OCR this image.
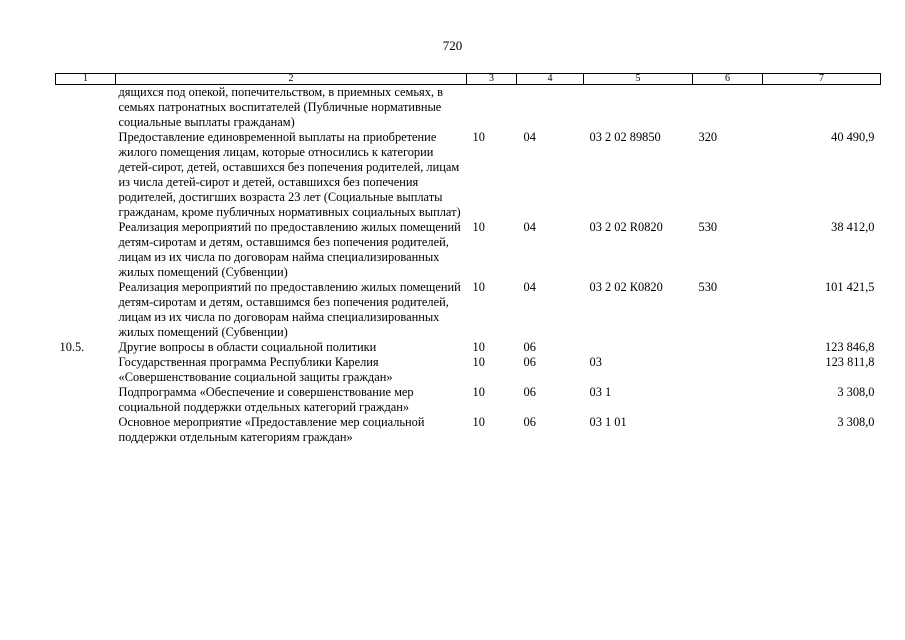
720
1	2	3	4	5	6	7
	дящихся под опекой, попечительством, в приемных семьях, в семьях патронатных воспитателей (Публичные нормативные социальные выплаты гражданам)					
	Предоставление единовременной выплаты на приобретение жилого помещения лицам, которые относились к категории детей-сирот, детей, оставшихся без попечения родителей, лицам из числа детей-сирот и детей, оставшихся без попечения родителей, достигших возраста 23 лет (Социальные выплаты гражданам, кроме публичных нормативных социальных выплат)	10	04	03 2 02 89850	320	40 490,9
	Реализация мероприятий по предоставлению жилых помещений детям-сиротам и детям, оставшимся без попечения родителей, лицам из их числа по договорам найма специализированных жилых помещений (Субвенции)	10	04	03 2 02 R0820	530	38 412,0
	Реализация мероприятий по предоставлению жилых помещений детям-сиротам и детям, оставшимся без попечения родителей, лицам из их числа по договорам найма специализированных жилых помещений (Субвенции)	10	04	03 2 02 К0820	530	101 421,5
10.5.	Другие вопросы в области социальной политики	10	06			123 846,8
	Государственная программа Республики Карелия «Совершенствование социальной защиты граждан»	10	06	03		123 811,8
	Подпрограмма «Обеспечение и совершенствование мер социальной поддержки отдельных категорий граждан»	10	06	03 1		3 308,0
	Основное мероприятие «Предоставление мер социальной поддержки отдельным категориям граждан»	10	06	03 1 01		3 308,0
